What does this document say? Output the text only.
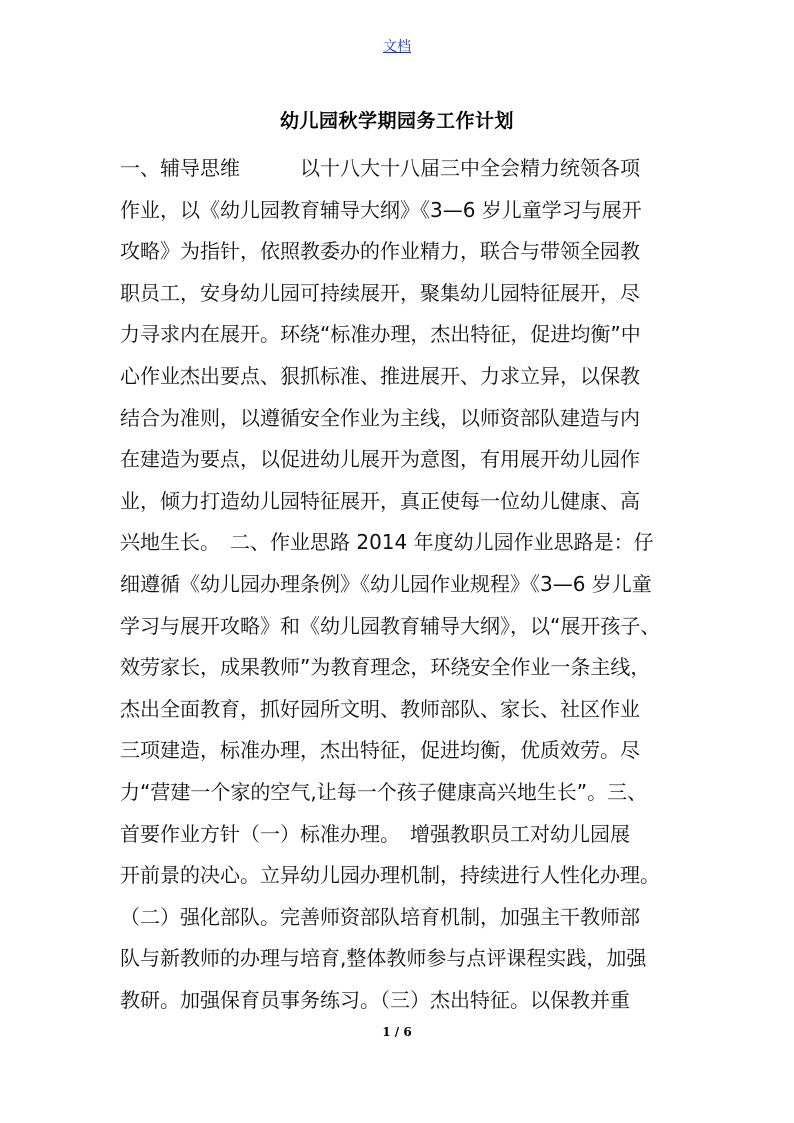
文档
幼儿园秋学期园务工作计划
一、辅导思维　　　以十八大十八届三中全会精力统领各项
作业，以《幼儿园教育辅导大纲》《3—6 岁儿童学习与展开
攻略》为指针，依照教委办的作业精力，联合与带领全园教
职员工，安身幼儿园可持续展开，聚集幼儿园特征展开，尽
力寻求内在展开。环绕“标准办理，杰出特征，促进均衡”中
心作业杰出要点、狠抓标准、推进展开、力求立异，以保教
结合为准则，以遵循安全作业为主线，以师资部队建造与内
在建造为要点，以促进幼儿展开为意图，有用展开幼儿园作
业，倾力打造幼儿园特征展开，真正使每一位幼儿健康、高
兴地生长。　二、作业思路 2014 年度幼儿园作业思路是：仔
细遵循《幼儿园办理条例》《幼儿园作业规程》《3—6 岁儿童
学习与展开攻略》和《幼儿园教育辅导大纲》，以“展开孩子、
效劳家长，成果教师”为教育理念，环绕安全作业一条主线，
杰出全面教育，抓好园所文明、教师部队、家长、社区作业
三项建造，标准办理，杰出特征，促进均衡，优质效劳。尽
力“营建一个家的空气,让每一个孩子健康高兴地生长”。三、
首要作业方针（一）标准办理。　增强教职员工对幼儿园展
开前景的决心。立异幼儿园办理机制，持续进行人性化办理。
（二）强化部队。完善师资部队培育机制，加强主干教师部
队与新教师的办理与培育,整体教师参与点评课程实践，加强
教研。加强保育员事务练习。（三）杰出特征。以保教并重
1 / 6
